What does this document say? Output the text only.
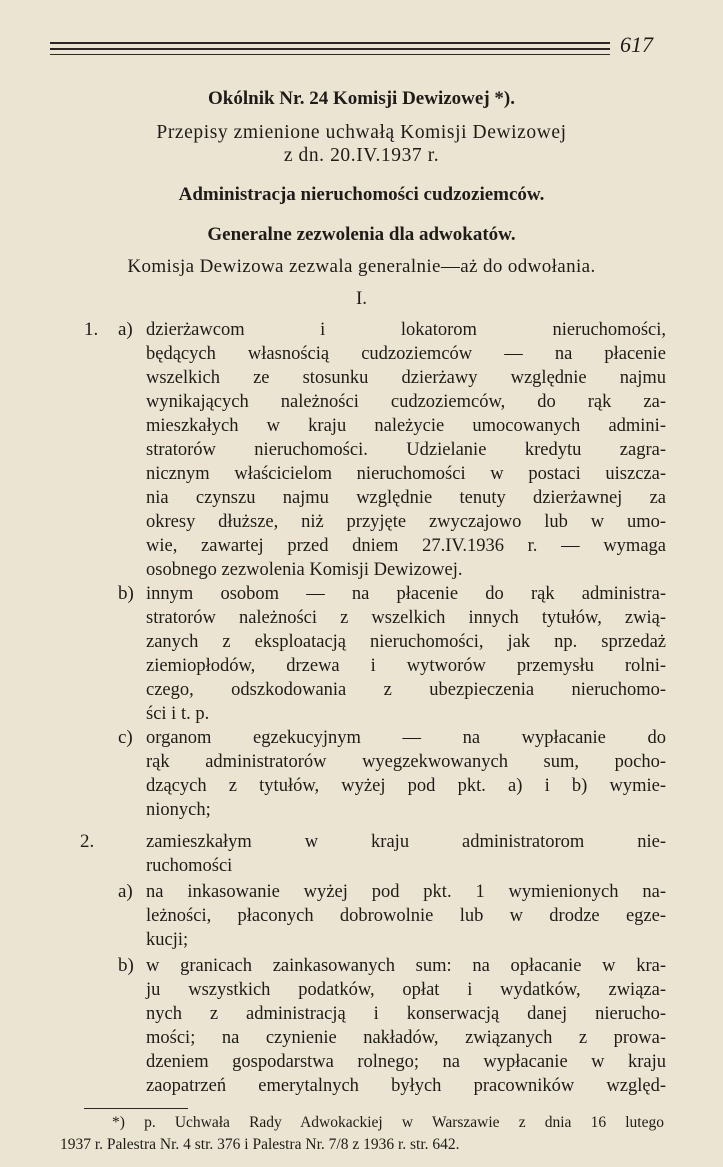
617
Okólnik Nr. 24 Komisji Dewizowej *).
Przepisy zmienione uchwałą Komisji Dewizowej
z dn. 20.IV.1937 r.
Administracja nieruchomości cudzoziemców.
Generalne zezwolenia dla adwokatów.
Komisja Dewizowa zezwala generalnie—aż do odwołania.
I.
1. a) dzierżawcom i lokatorom nieruchomości,
będących własnością cudzoziemców — na płacenie
wszelkich ze stosunku dzierżawy względnie najmu
wynikających należności cudzoziemców, do rąk za-
mieszkałych w kraju należycie umocowanych admini-
stratorów nieruchomości. Udzielanie kredytu zagra-
nicznym właścicielom nieruchomości w postaci uiszcza-
nia czynszu najmu względnie tenuty dzierżawnej za
okresy dłuższe, niż przyjęte zwyczajowo lub w umo-
wie, zawartej przed dniem 27.IV.1936 r. — wymaga
osobnego zezwolenia Komisji Dewizowej.
b) innym osobom — na płacenie do rąk administra-
stratorów należności z wszelkich innych tytułów, zwią-
zanych z eksploatacją nieruchomości, jak np. sprzedaż
ziemiopłodów, drzewa i wytworów przemysłu rolni-
czego, odszkodowania z ubezpieczenia nieruchomo-
ści i t. p.
c) organom egzekucyjnym — na wypłacanie do
rąk administratorów wyegzekwowanych sum, pocho-
dzących z tytułów, wyżej pod pkt. a) i b) wymie-
nionych;
2.	zamieszkałym w kraju administratorom nie-
ruchomości
a) na inkasowanie wyżej pod pkt. 1 wymienionych na-
leżności, płaconych dobrowolnie lub w drodze egze-
kucji;
b) w granicach zainkasowanych sum: na opłacanie w kra-
ju wszystkich podatków, opłat i wydatków, związa-
nych z administracją i konserwacją danej nierucho-
mości; na czynienie nakładów, związanych z prowa-
dzeniem gospodarstwa rolnego; na wypłacanie w kraju
zaopatrzeń emerytalnych byłych pracowników względ-
*) p. Uchwała Rady Adwokackiej w Warszawie z dnia 16 lutego
1937 r. Palestra Nr. 4 str. 376 i Palestra Nr. 7/8 z 1936 r. str. 642.
